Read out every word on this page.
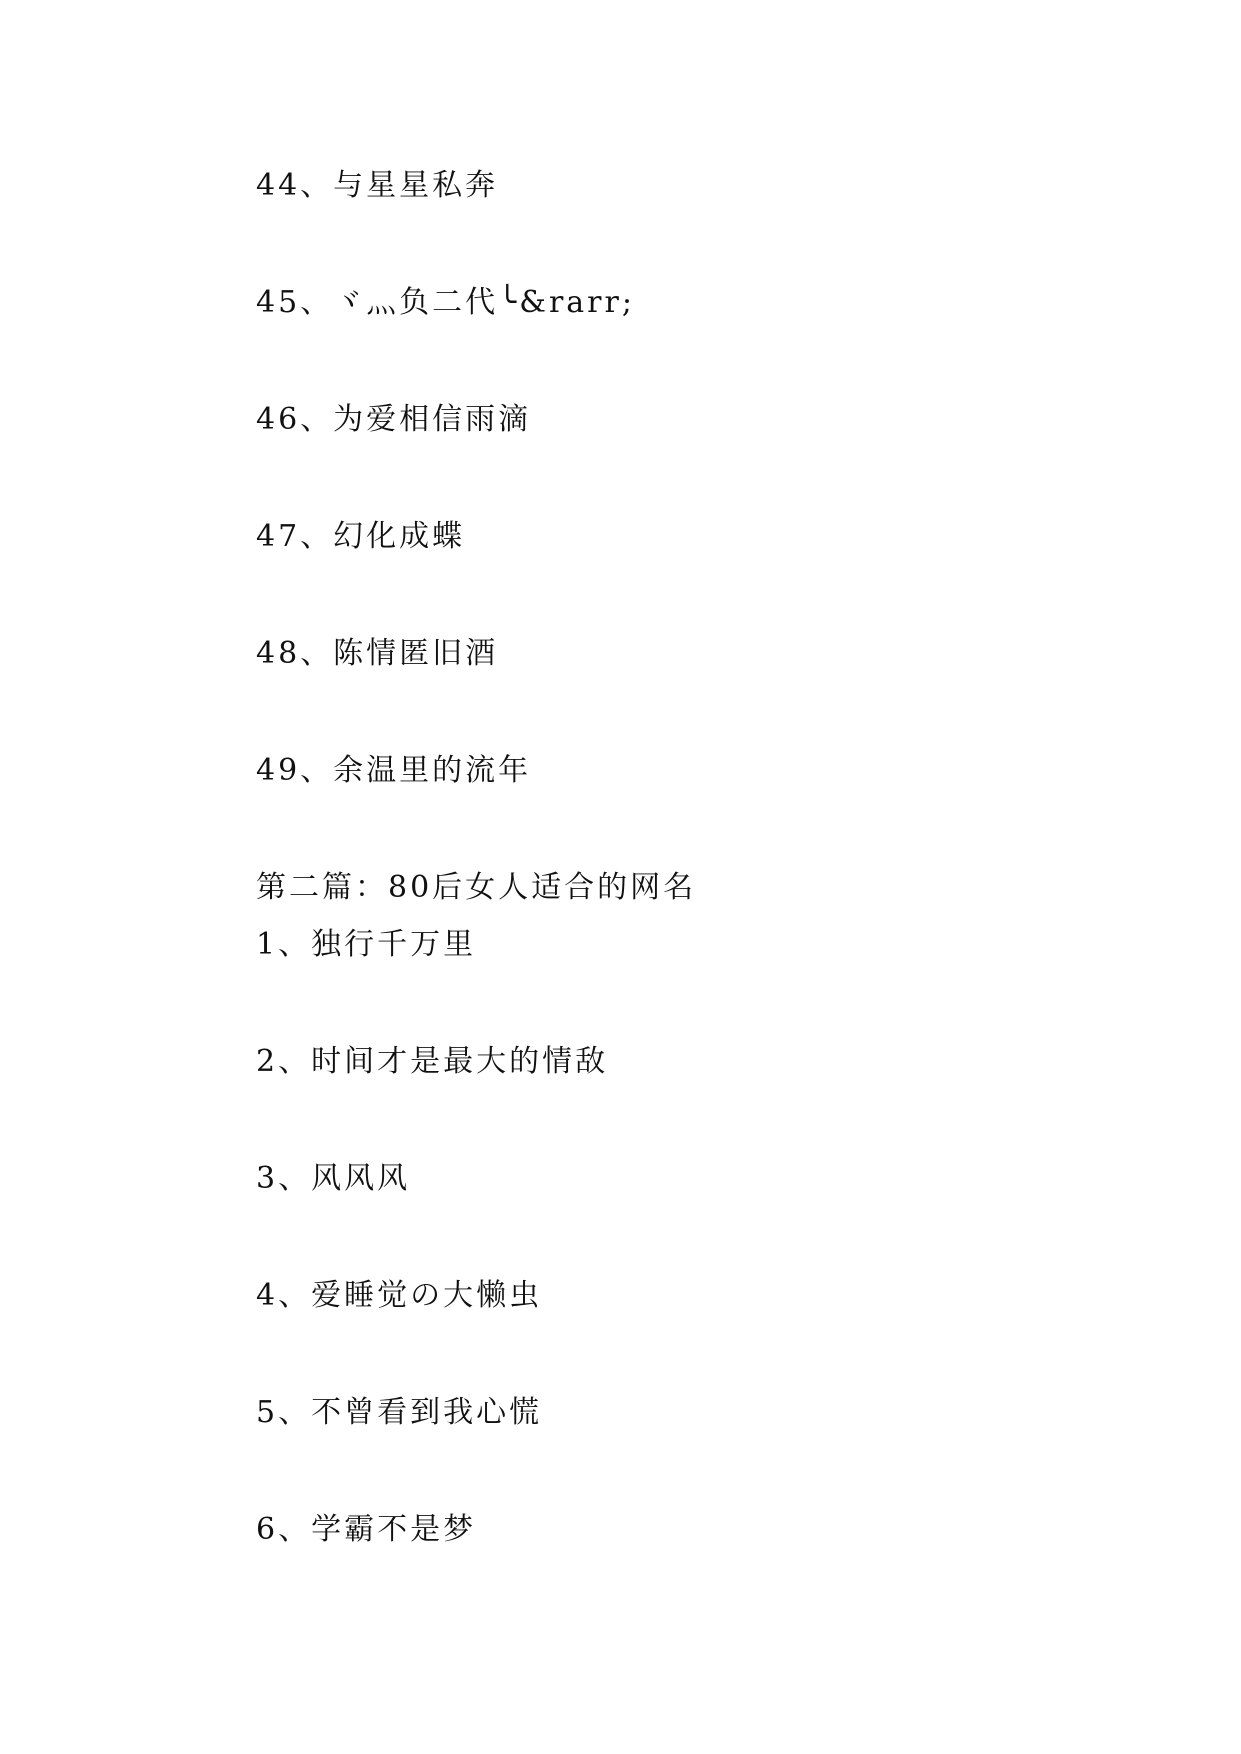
44、与星星私奔
45、ヾ灬负二代╰&rarr;
46、为爱相信雨滴
47、幻化成蝶
48、陈情匿旧酒
49、余温里的流年
第二篇：80后女人适合的网名
1、独行千万里
2、时间才是最大的情敌
3、风风风
4、爱睡觉の大懒虫
5、不曾看到我心慌
6、学霸不是梦
